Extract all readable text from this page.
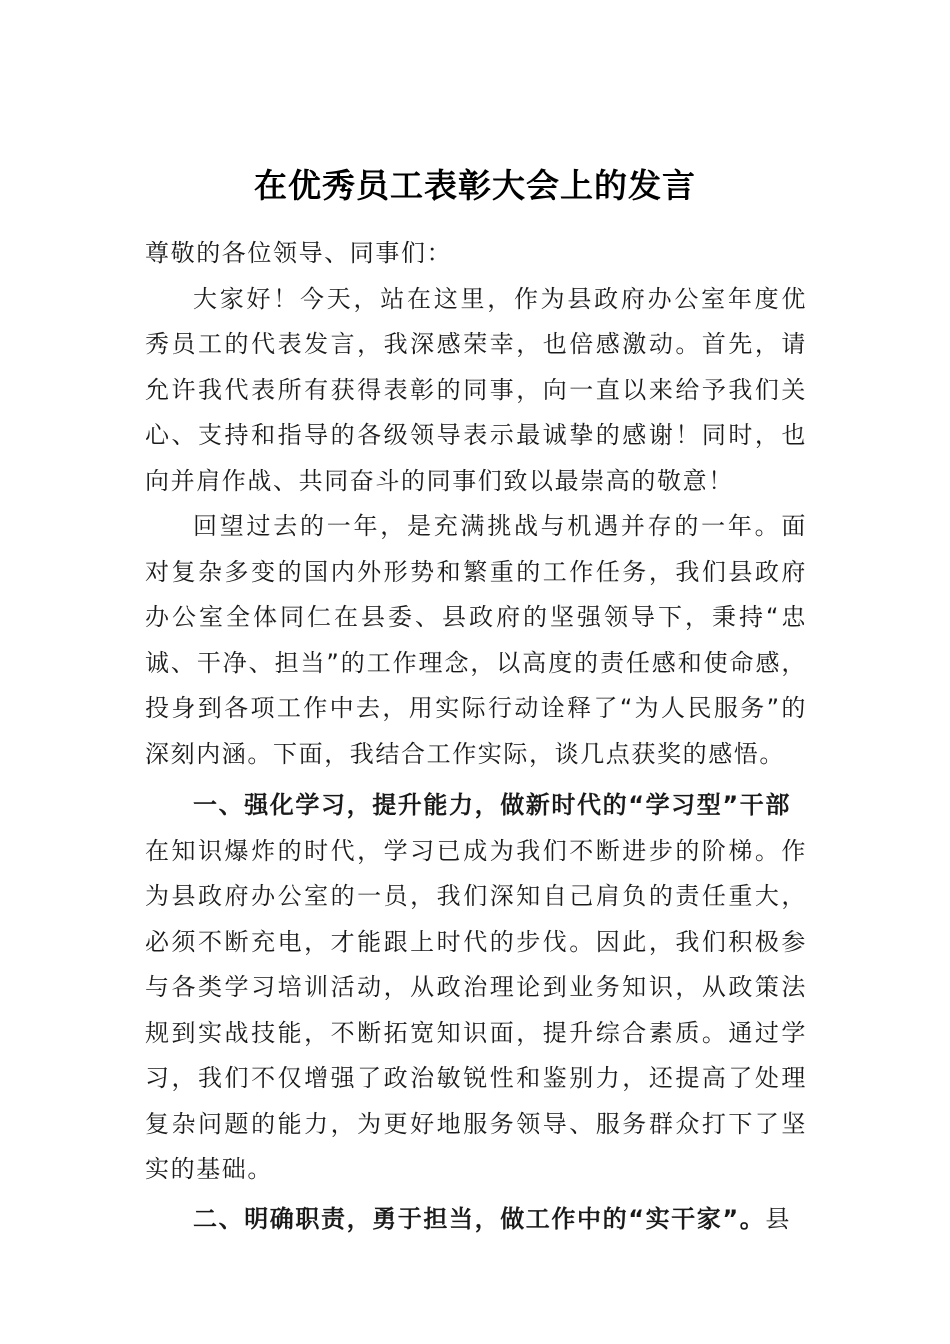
在优秀员工表彰大会上的发言

尊敬的各位领导、同事们：

大家好！今天，站在这里，作为县政府办公室年度优秀员工的代表发言，我深感荣幸，也倍感激动。首先，请允许我代表所有获得表彰的同事，向一直以来给予我们关心、支持和指导的各级领导表示最诚挚的感谢！同时，也向并肩作战、共同奋斗的同事们致以最崇高的敬意！

回望过去的一年，是充满挑战与机遇并存的一年。面对复杂多变的国内外形势和繁重的工作任务，我们县政府办公室全体同仁在县委、县政府的坚强领导下，秉持“忠诚、干净、担当”的工作理念，以高度的责任感和使命感，投身到各项工作中去，用实际行动诠释了“为人民服务”的深刻内涵。下面，我结合工作实际，谈几点获奖的感悟。

一、强化学习，提升能力，做新时代的“学习型”干部

在知识爆炸的时代，学习已成为我们不断进步的阶梯。作为县政府办公室的一员，我们深知自己肩负的责任重大，必须不断充电，才能跟上时代的步伐。因此，我们积极参与各类学习培训活动，从政治理论到业务知识，从政策法规到实战技能，不断拓宽知识面，提升综合素质。通过学习，我们不仅增强了政治敏锐性和鉴别力，还提高了处理复杂问题的能力，为更好地服务领导、服务群众打下了坚实的基础。

二、明确职责，勇于担当，做工作中的“实干家”。县
